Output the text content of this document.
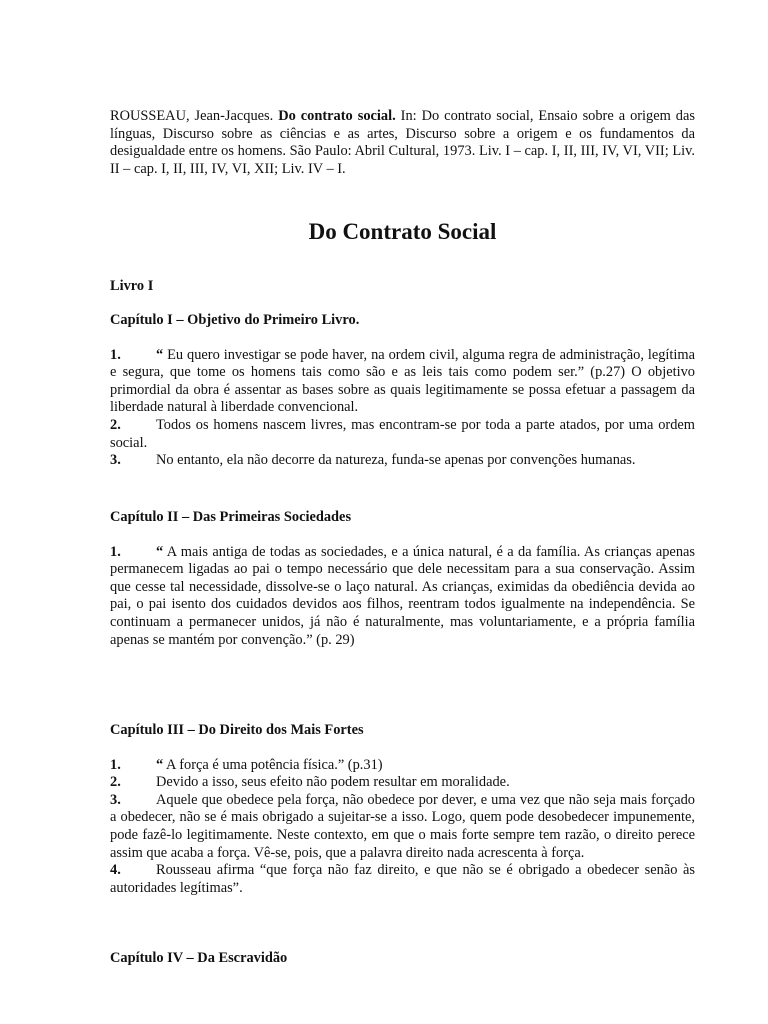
ROUSSEAU, Jean-Jacques. Do contrato social. In: Do contrato social, Ensaio sobre a origem das línguas, Discurso sobre as ciências e as artes, Discurso sobre a origem e os fundamentos da desigualdade entre os homens. São Paulo: Abril Cultural, 1973. Liv. I – cap. I, II, III, IV, VI, VII; Liv. II – cap. I, II, III, IV, VI, XII; Liv. IV – I.

Do Contrato Social

Livro I

Capítulo I – Objetivo do Primeiro Livro.

1. “ Eu quero investigar se pode haver, na ordem civil, alguma regra de administração, legítima e segura, que tome os homens tais como são e as leis tais como podem ser.” (p.27) O objetivo primordial da obra é assentar as bases sobre as quais legitimamente se possa efetuar a passagem da liberdade natural à liberdade convencional.

2. Todos os homens nascem livres, mas encontram-se por toda a parte atados, por uma ordem social.

3. No entanto, ela não decorre da natureza, funda-se apenas por convenções humanas.

Capítulo II – Das Primeiras Sociedades

1. “ A mais antiga de todas as sociedades, e a única natural, é a da família. As crianças apenas permanecem ligadas ao pai o tempo necessário que dele necessitam para a sua conservação. Assim que cesse tal necessidade, dissolve-se o laço natural. As crianças, eximidas da obediência devida ao pai, o pai isento dos cuidados devidos aos filhos, reentram todos igualmente na independência. Se continuam a permanecer unidos, já não é naturalmente, mas voluntariamente, e a própria família apenas se mantém por convenção.” (p. 29)

Capítulo III – Do Direito dos Mais Fortes

1. “ A força é uma potência física.” (p.31)

2. Devido a isso, seus efeito não podem resultar em moralidade.

3. Aquele que obedece pela força, não obedece por dever, e uma vez que não seja mais forçado a obedecer, não se é mais obrigado a sujeitar-se a isso. Logo, quem pode desobedecer impunemente, pode fazê-lo legitimamente. Neste contexto, em que o mais forte sempre tem razão, o direito perece assim que acaba a força. Vê-se, pois, que a palavra direito nada acrescenta à força.

4. Rousseau afirma “que força não faz direito, e que não se é obrigado a obedecer senão às autoridades legítimas”.

Capítulo IV – Da Escravidão
